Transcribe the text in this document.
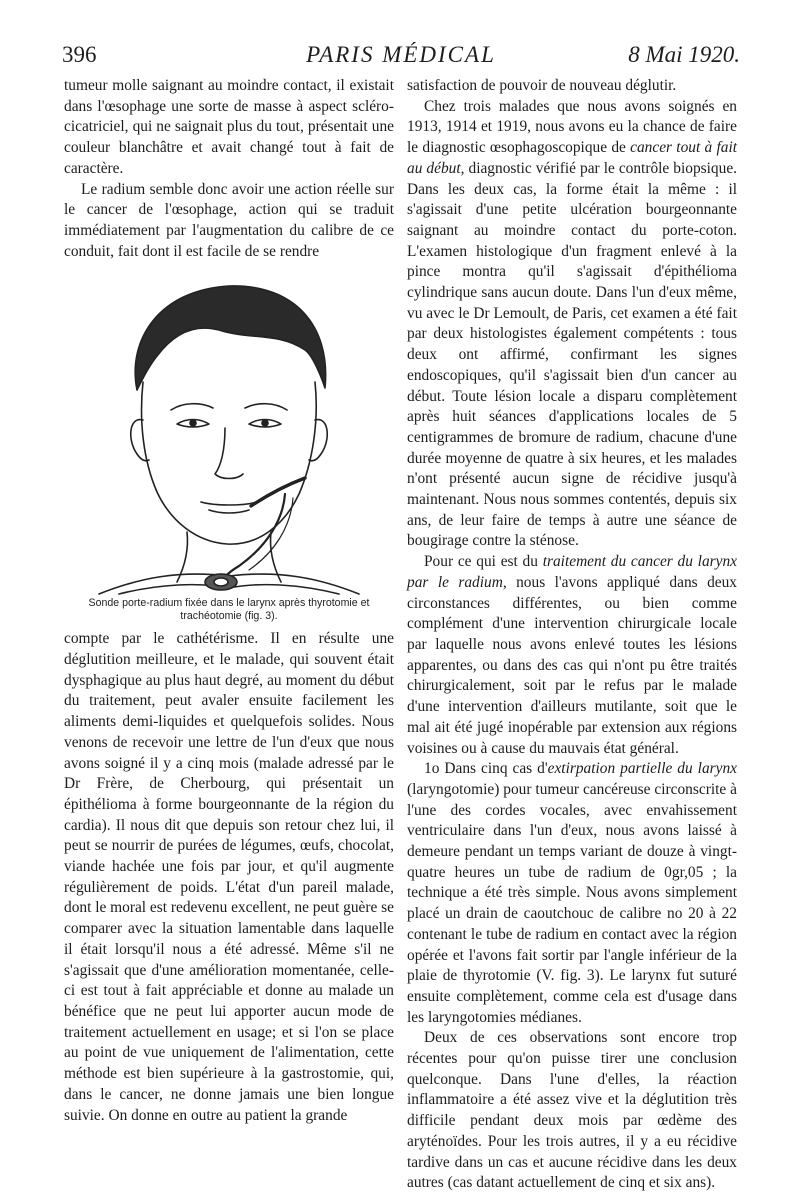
396	PARIS MÉDICAL	8 Mai 1920.

tumeur molle saignant au moindre contact, il existait dans l'œsophage une sorte de masse à aspect scléro-cicatriciel, qui ne saignait plus du tout, présentait une couleur blanchâtre et avait changé tout à fait de caractère.

Le radium semble donc avoir une action réelle sur le cancer de l'œsophage, action qui se traduit immédiatement par l'augmentation du calibre de ce conduit, fait dont il est facile de se rendre

Sonde porte-radium fixée dans le larynx après thyrotomie et trachéotomie (fig. 3).

compte par le cathétérisme. Il en résulte une déglutition meilleure, et le malade, qui souvent était dysphagique au plus haut degré, au moment du début du traitement, peut avaler ensuite facilement les aliments demi-liquides et quelquefois solides. Nous venons de recevoir une lettre de l'un d'eux que nous avons soigné il y a cinq mois (malade adressé par le Dr Frère, de Cherbourg, qui présentait un épithélioma à forme bourgeonnante de la région du cardia). Il nous dit que depuis son retour chez lui, il peut se nourrir de purées de légumes, œufs, chocolat, viande hachée une fois par jour, et qu'il augmente régulièrement de poids. L'état d'un pareil malade, dont le moral est redevenu excellent, ne peut guère se comparer avec la situation lamentable dans laquelle il était lorsqu'il nous a été adressé. Même s'il ne s'agissait que d'une amélioration momentanée, celle-ci est tout à fait appréciable et donne au malade un bénéfice que ne peut lui apporter aucun mode de traitement actuellement en usage; et si l'on se place au point de vue uniquement de l'alimentation, cette méthode est bien supérieure à la gastrostomie, qui, dans le cancer, ne donne jamais une bien longue suivie. On donne en outre au patient la grande

satisfaction de pouvoir de nouveau déglutir.

Chez trois malades que nous avons soignés en 1913, 1914 et 1919, nous avons eu la chance de faire le diagnostic œsophagoscopique de cancer tout à fait au début, diagnostic vérifié par le contrôle biopsique. Dans les deux cas, la forme était la même : il s'agissait d'une petite ulcération bourgeonnante saignant au moindre contact du porte-coton. L'examen histologique d'un fragment enlevé à la pince montra qu'il s'agissait d'épithélioma cylindrique sans aucun doute. Dans l'un d'eux même, vu avec le Dr Lemoult, de Paris, cet examen a été fait par deux histologistes également compétents : tous deux ont affirmé, confirmant les signes endoscopiques, qu'il s'agissait bien d'un cancer au début. Toute lésion locale a disparu complètement après huit séances d'applications locales de 5 centigrammes de bromure de radium, chacune d'une durée moyenne de quatre à six heures, et les malades n'ont présenté aucun signe de récidive jusqu'à maintenant. Nous nous sommes contentés, depuis six ans, de leur faire de temps à autre une séance de bougirage contre la sténose.

Pour ce qui est du traitement du cancer du larynx par le radium, nous l'avons appliqué dans deux circonstances différentes, ou bien comme complément d'une intervention chirurgicale locale par laquelle nous avons enlevé toutes les lésions apparentes, ou dans des cas qui n'ont pu être traités chirurgicalement, soit par le refus par le malade d'une intervention d'ailleurs mutilante, soit que le mal ait été jugé inopérable par extension aux régions voisines ou à cause du mauvais état général.

1o Dans cinq cas d'extirpation partielle du larynx (laryngotomie) pour tumeur cancéreuse circonscrite à l'une des cordes vocales, avec envahissement ventriculaire dans l'un d'eux, nous avons laissé à demeure pendant un temps variant de douze à vingt-quatre heures un tube de radium de 0gr,05 ; la technique a été très simple. Nous avons simplement placé un drain de caoutchouc de calibre no 20 à 22 contenant le tube de radium en contact avec la région opérée et l'avons fait sortir par l'angle inférieur de la plaie de thyrotomie (V. fig. 3). Le larynx fut suturé ensuite complètement, comme cela est d'usage dans les laryngotomies médianes.

Deux de ces observations sont encore trop récentes pour qu'on puisse tirer une conclusion quelconque. Dans l'une d'elles, la réaction inflammatoire a été assez vive et la déglutition très difficile pendant deux mois par œdème des aryténoïdes. Pour les trois autres, il y a eu récidive tardive dans un cas et aucune récidive dans les deux autres (cas datant actuellement de cinq et six ans).
